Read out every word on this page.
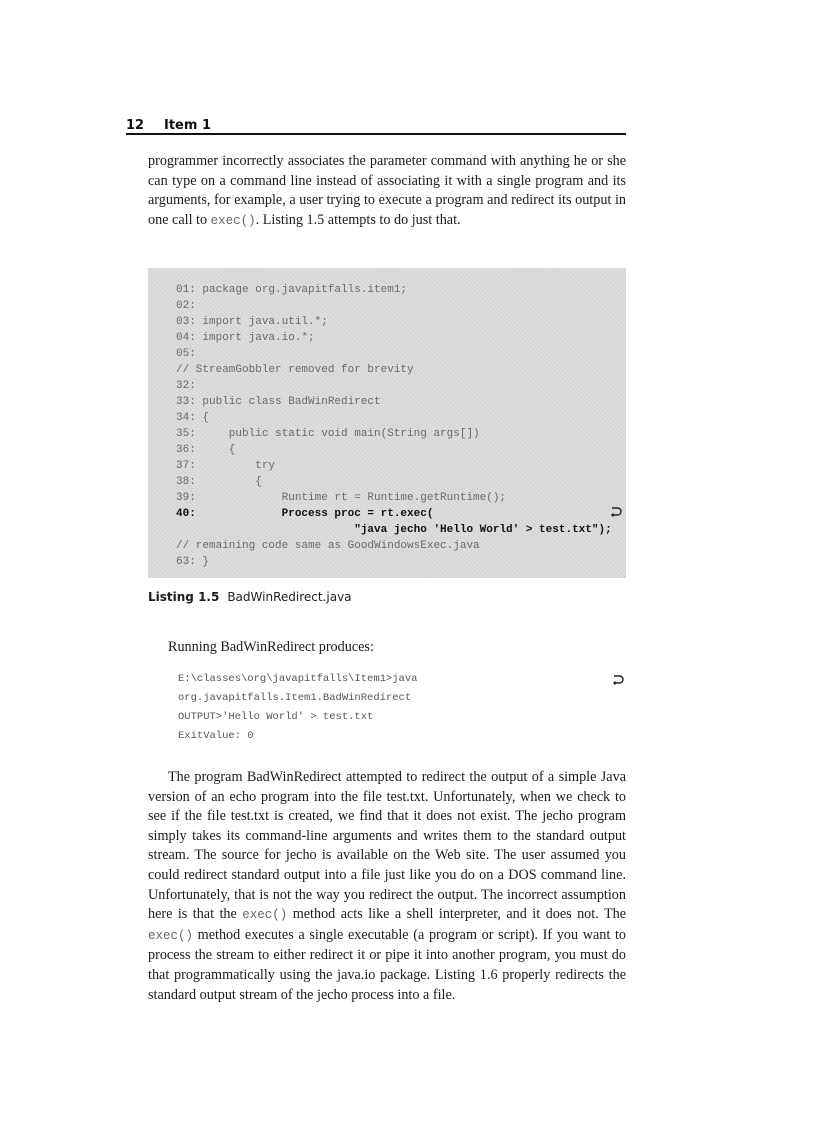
12 Item 1

programmer incorrectly associates the parameter command with anything he or she can type on a command line instead of associating it with a single program and its arguments, for example, a user trying to execute a program and redirect its output in one call to exec(). Listing 1.5 attempts to do just that.

01: package org.javapitfalls.item1;
02:
03: import java.util.*;
04: import java.io.*;
05:
// StreamGobbler removed for brevity
32:
33: public class BadWinRedirect
34: {
35:     public static void main(String args[])
36:     {
37:         try
38:         {
39:             Runtime rt = Runtime.getRuntime();
40:             Process proc = rt.exec(
"java jecho 'Hello World' > test.txt");
// remaining code same as GoodWindowsExec.java
63: }
Listing 1.5 BadWinRedirect.java

Running BadWinRedirect produces:

E:\classes\org\javapitfalls\Item1>java
org.javapitfalls.Item1.BadWinRedirect
OUTPUT>'Hello World' > test.txt
ExitValue: 0

The program BadWinRedirect attempted to redirect the output of a simple Java version of an echo program into the file test.txt. Unfortunately, when we check to see if the file test.txt is created, we find that it does not exist. The jecho program simply takes its command-line arguments and writes them to the standard output stream. The source for jecho is available on the Web site. The user assumed you could redirect standard output into a file just like you do on a DOS command line. Unfortunately, that is not the way you redirect the output. The incorrect assumption here is that the exec() method acts like a shell interpreter, and it does not. The exec() method executes a single executable (a program or script). If you want to process the stream to either redirect it or pipe it into another program, you must do that programmatically using the java.io package. Listing 1.6 properly redirects the standard output stream of the jecho process into a file.
